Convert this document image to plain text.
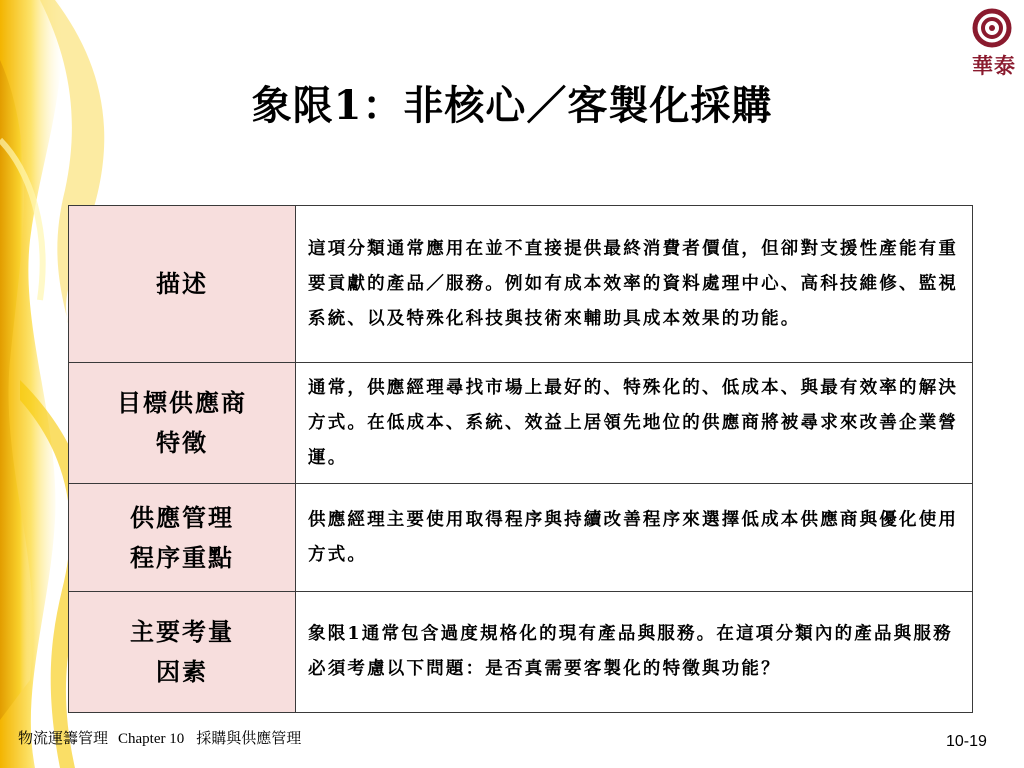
華泰
象限1：非核心／客製化採購
描述	這項分類通常應用在並不直接提供最終消費者價值，但卻對支援性產能有重要貢獻的產品／服務。例如有成本效率的資料處理中心、高科技維修、監視系統、以及特殊化科技與技術來輔助具成本效果的功能。

目標供應商
特徵	通常，供應經理尋找市場上最好的、特殊化的、低成本、與最有效率的解決方式。在低成本、系統、效益上居領先地位的供應商將被尋求來改善企業營運。

供應管理
程序重點	供應經理主要使用取得程序與持續改善程序來選擇低成本供應商與優化使用方式。

主要考量
因素	象限1通常包含過度規格化的現有產品與服務。在這項分類內的產品與服務必須考慮以下問題：是否真需要客製化的特徵與功能？
物流運籌管理 Chapter 10 採購與供應管理	10-19
